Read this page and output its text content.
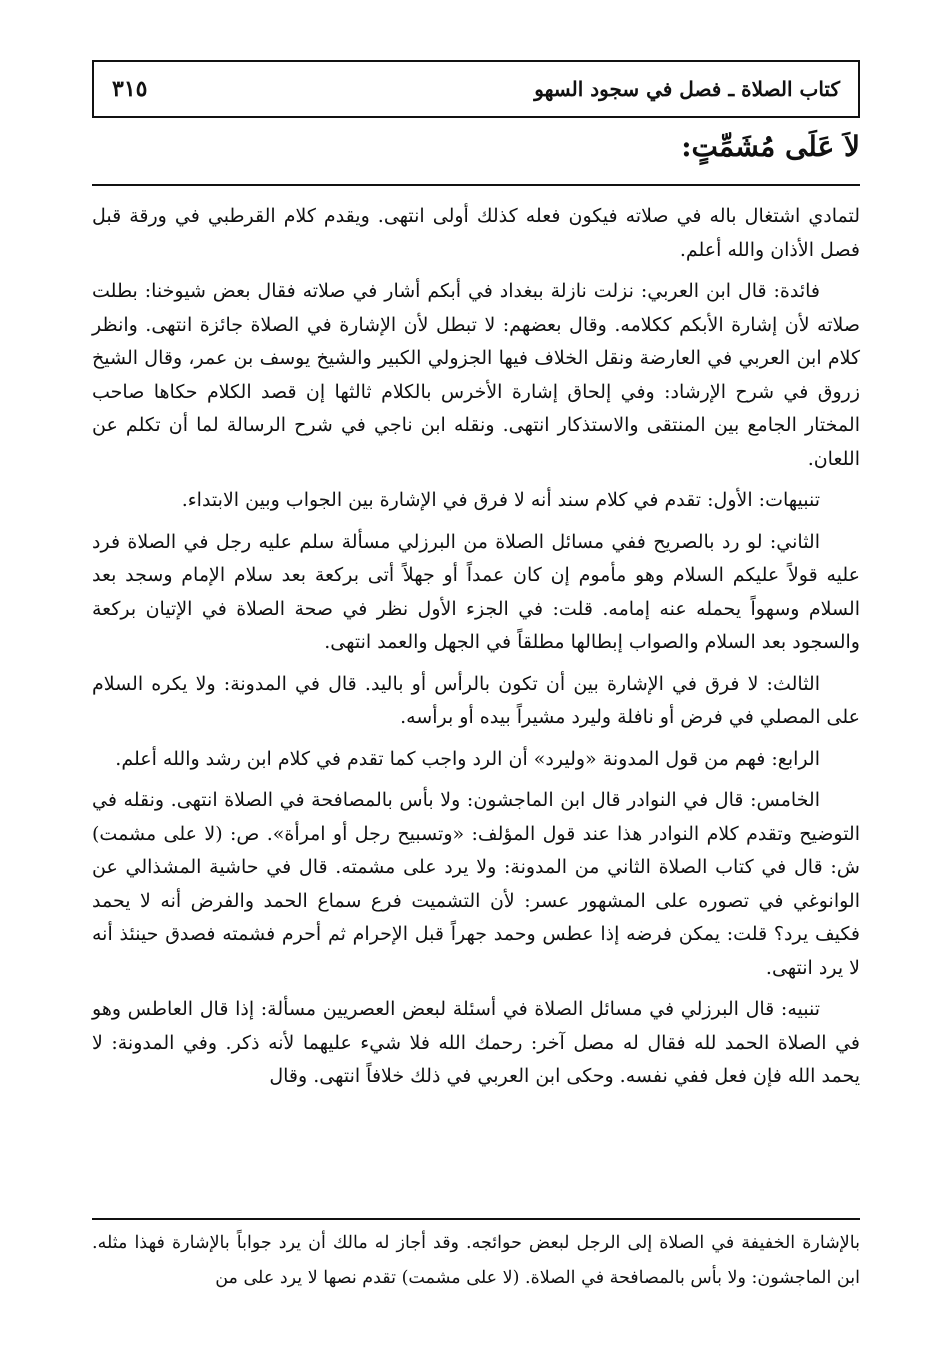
كتاب الصلاة ـ فصل في سجود السهو
٣١٥
لاَ عَلَى مُشَمِّتٍ:

لتمادي اشتغال باله في صلاته فيكون فعله كذلك أولى انتهى. ويقدم كلام القرطبي في ورقة قبل فصل الأذان والله أعلم.

فائدة: قال ابن العربي: نزلت نازلة ببغداد في أبكم أشار في صلاته فقال بعض شيوخنا: بطلت صلاته لأن إشارة الأبكم ككلامه. وقال بعضهم: لا تبطل لأن الإشارة في الصلاة جائزة انتهى. وانظر كلام ابن العربي في العارضة ونقل الخلاف فيها الجزولي الكبير والشيخ يوسف بن عمر، وقال الشيخ زروق في شرح الإرشاد: وفي إلحاق إشارة الأخرس بالكلام ثالثها إن قصد الكلام حكاها صاحب المختار الجامع بين المنتقى والاستذكار انتهى. ونقله ابن ناجي في شرح الرسالة لما أن تكلم عن اللعان.

تنبيهات: الأول: تقدم في كلام سند أنه لا فرق في الإشارة بين الجواب وبين الابتداء.

الثاني: لو رد بالصريح ففي مسائل الصلاة من البرزلي مسألة سلم عليه رجل في الصلاة فرد عليه قولاً عليكم السلام وهو مأموم إن كان عمداً أو جهلاً أتى بركعة بعد سلام الإمام وسجد بعد السلام وسهواً يحمله عنه إمامه. قلت: في الجزء الأول نظر في صحة الصلاة في الإتيان بركعة والسجود بعد السلام والصواب إبطالها مطلقاً في الجهل والعمد انتهى.

الثالث: لا فرق في الإشارة بين أن تكون بالرأس أو باليد. قال في المدونة: ولا يكره السلام على المصلي في فرض أو نافلة وليرد مشيراً بيده أو برأسه.

الرابع: فهم من قول المدونة «وليرد» أن الرد واجب كما تقدم في كلام ابن رشد والله أعلم.

الخامس: قال في النوادر قال ابن الماجشون: ولا بأس بالمصافحة في الصلاة انتهى. ونقله في التوضيح وتقدم كلام النوادر هذا عند قول المؤلف: «وتسبيح رجل أو امرأة». ص: (لا على مشمت) ش: قال في كتاب الصلاة الثاني من المدونة: ولا يرد على مشمته. قال في حاشية المشذالي عن الوانوغي في تصوره على المشهور عسر: لأن التشميت فرع سماع الحمد والفرض أنه لا يحمد فكيف يرد؟ قلت: يمكن فرضه إذا عطس وحمد جهراً قبل الإحرام ثم أحرم فشمته فصدق حينئذ أنه لا يرد انتهى.

تنبيه: قال البرزلي في مسائل الصلاة في أسئلة لبعض العصريين مسألة: إذا قال العاطس وهو في الصلاة الحمد لله فقال له مصل آخر: رحمك الله فلا شيء عليهما لأنه ذكر. وفي المدونة: لا يحمد الله فإن فعل ففي نفسه. وحكى ابن العربي في ذلك خلافاً انتهى. وقال

بالإشارة الخفيفة في الصلاة إلى الرجل لبعض حوائجه. وقد أجاز له مالك أن يرد جواباً بالإشارة فهذا مثله. ابن الماجشون: ولا بأس بالمصافحة في الصلاة. (لا على مشمت) تقدم نصها لا يرد على من
